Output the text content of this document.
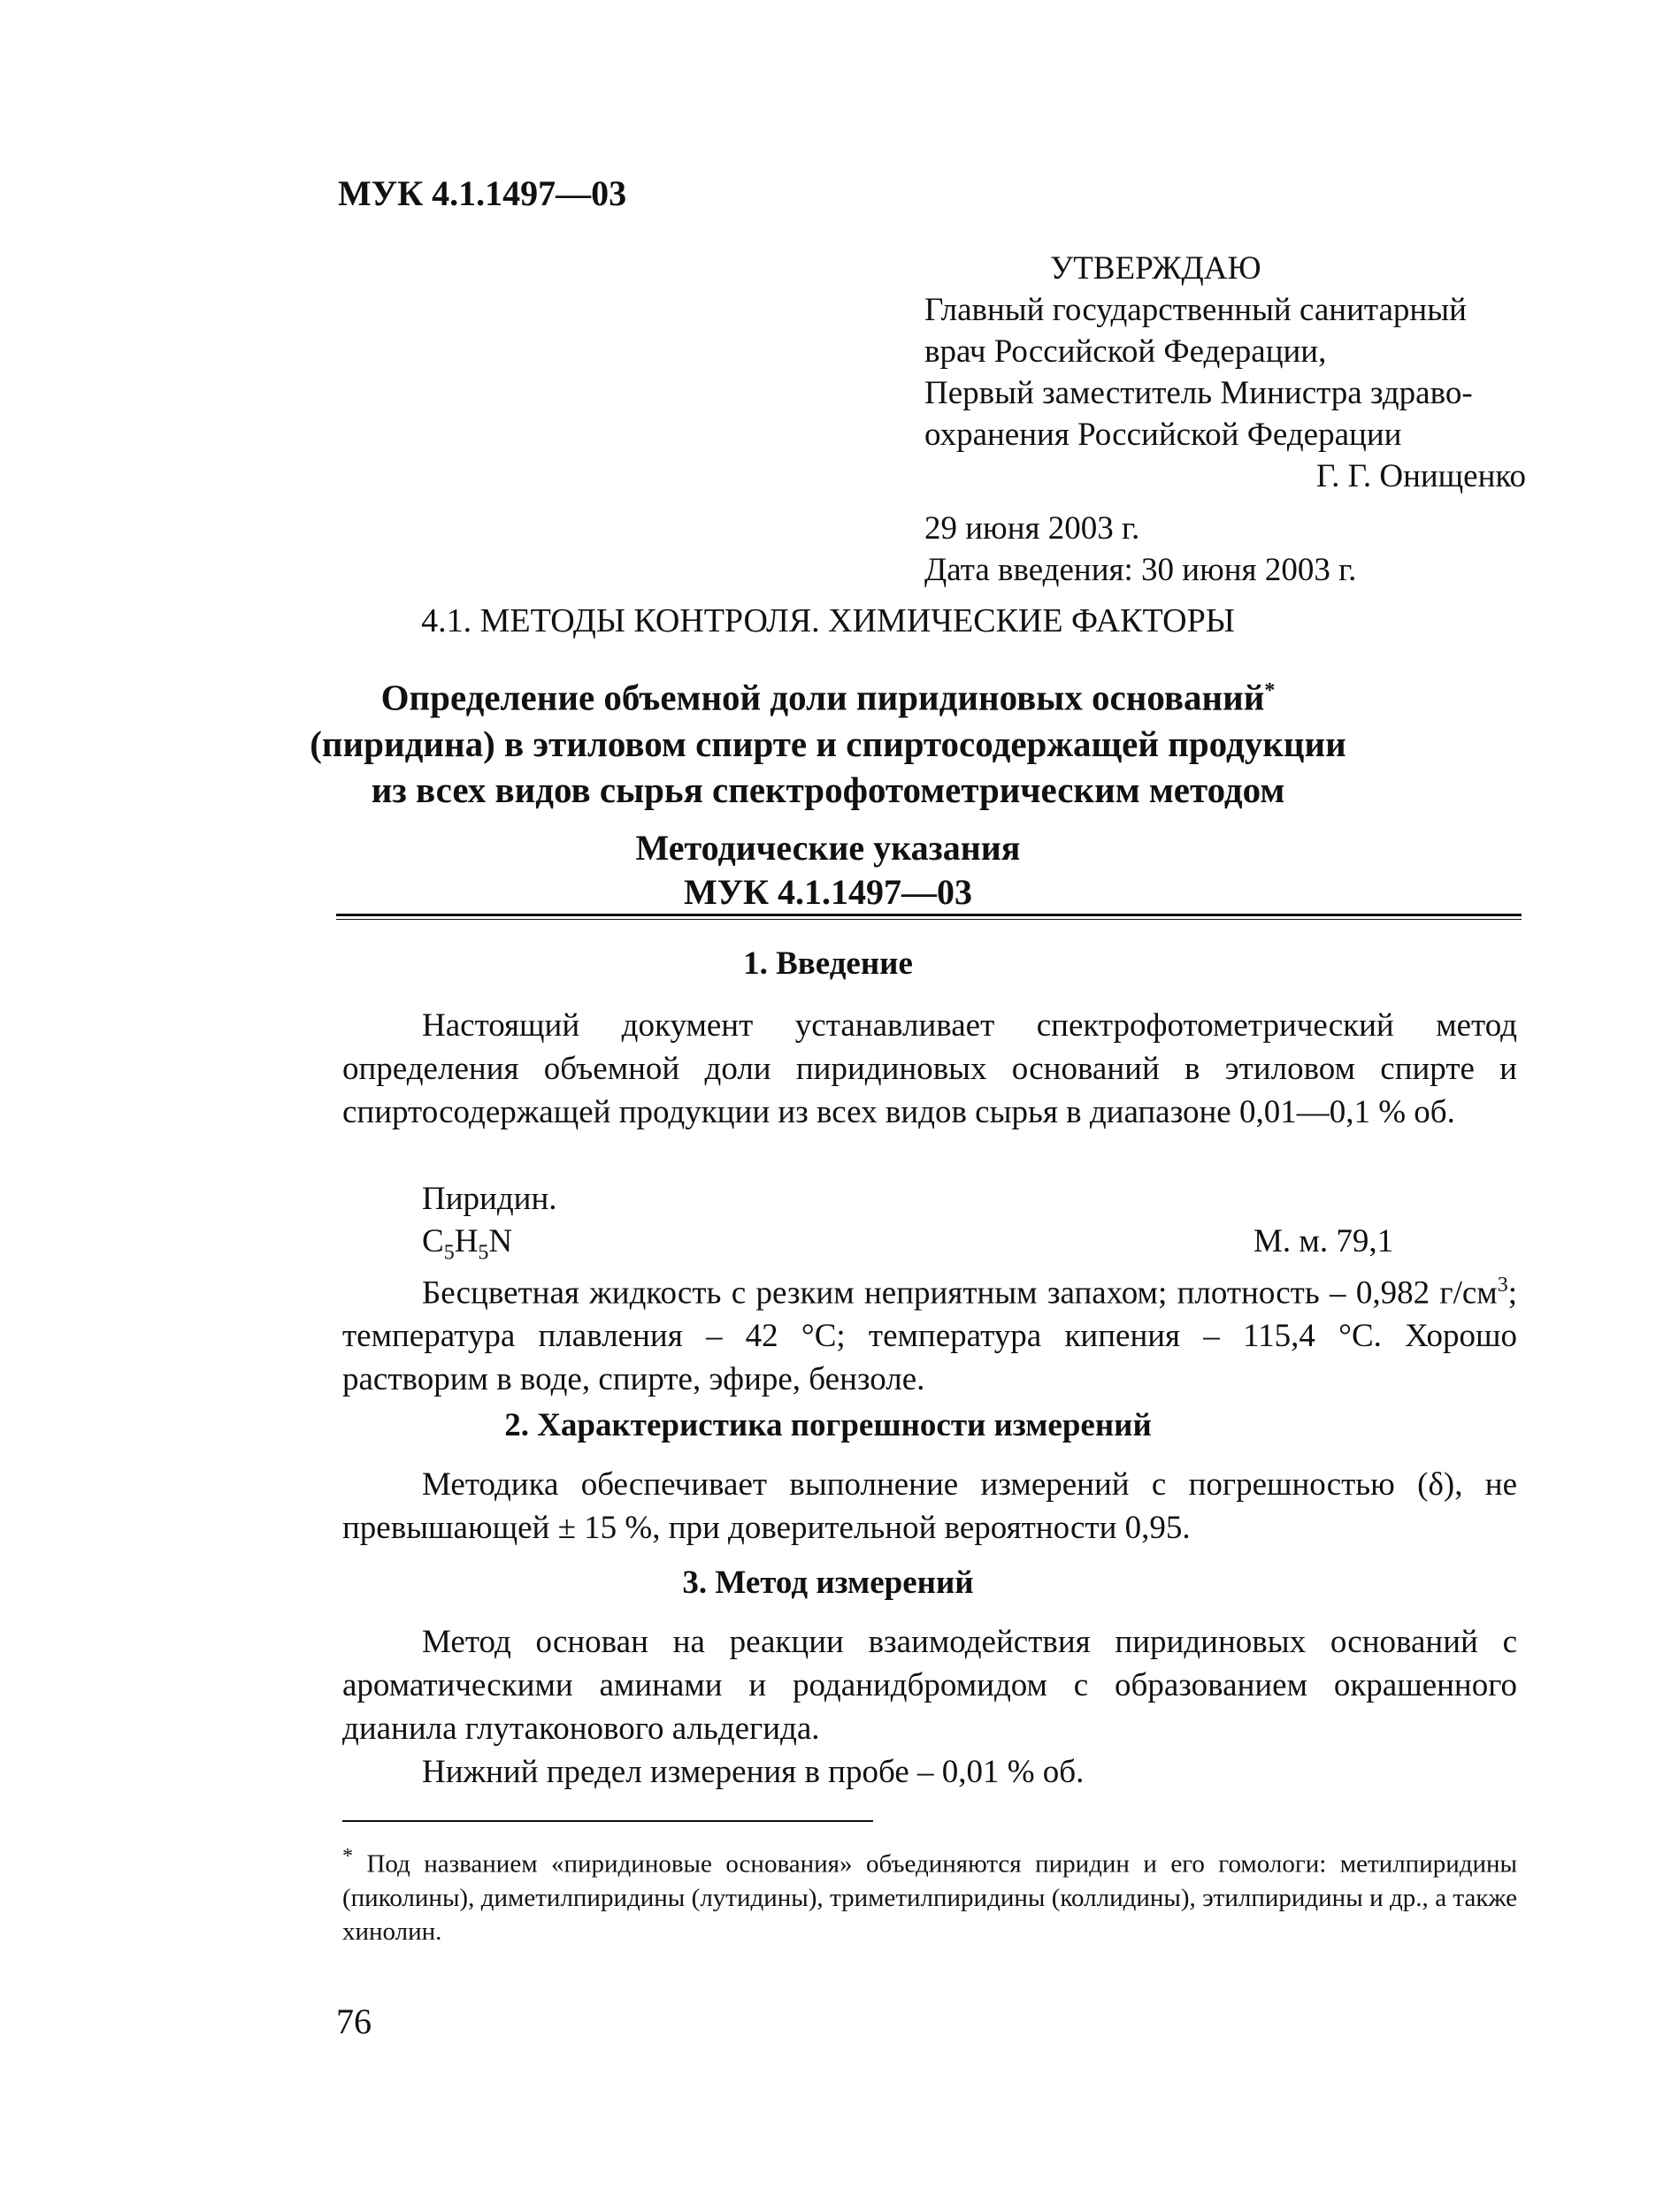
МУК 4.1.1497—03
УТВЕРЖДАЮ
Главный государственный санитарный
врач Российской Федерации,
Первый заместитель Министра здраво-
охранения Российской Федерации
Г. Г. Онищенко
29 июня 2003 г.
Дата введения: 30 июня 2003 г.
4.1. МЕТОДЫ КОНТРОЛЯ. ХИМИЧЕСКИЕ ФАКТОРЫ
Определение объемной доли пиридиновых оснований*
(пиридина) в этиловом спирте и спиртосодержащей продукции
из всех видов сырья спектрофотометрическим методом
Методические указания
МУК 4.1.1497—03
1. Введение
Настоящий документ устанавливает спектрофотометрический метод определения объемной доли пиридиновых оснований в этиловом спирте и спиртосодержащей продукции из всех видов сырья в диапазоне 0,01—0,1 % об.
Пиридин.
$C_5H_5N$	М. м. 79,1
Бесцветная жидкость с резким неприятным запахом; плотность – 0,982 $г/см^3$; температура плавления – 42 °С; температура кипения – 115,4 °С. Хорошо растворим в воде, спирте, эфире, бензоле.
2. Характеристика погрешности измерений
Методика обеспечивает выполнение измерений с погрешностью (δ), не превышающей ± 15 %, при доверительной вероятности 0,95.
3. Метод измерений
Метод основан на реакции взаимодействия пиридиновых оснований с ароматическими аминами и роданидбромидом с образованием окрашенного дианила глутаконового альдегида.
Нижний предел измерения в пробе – 0,01 % об.
* Под названием «пиридиновые основания» объединяются пиридин и его гомологи: метилпиридины (пиколины), диметилпиридины (лутидины), триметилпиридины (коллидины), этилпиридины и др., а также хинолин.
76
